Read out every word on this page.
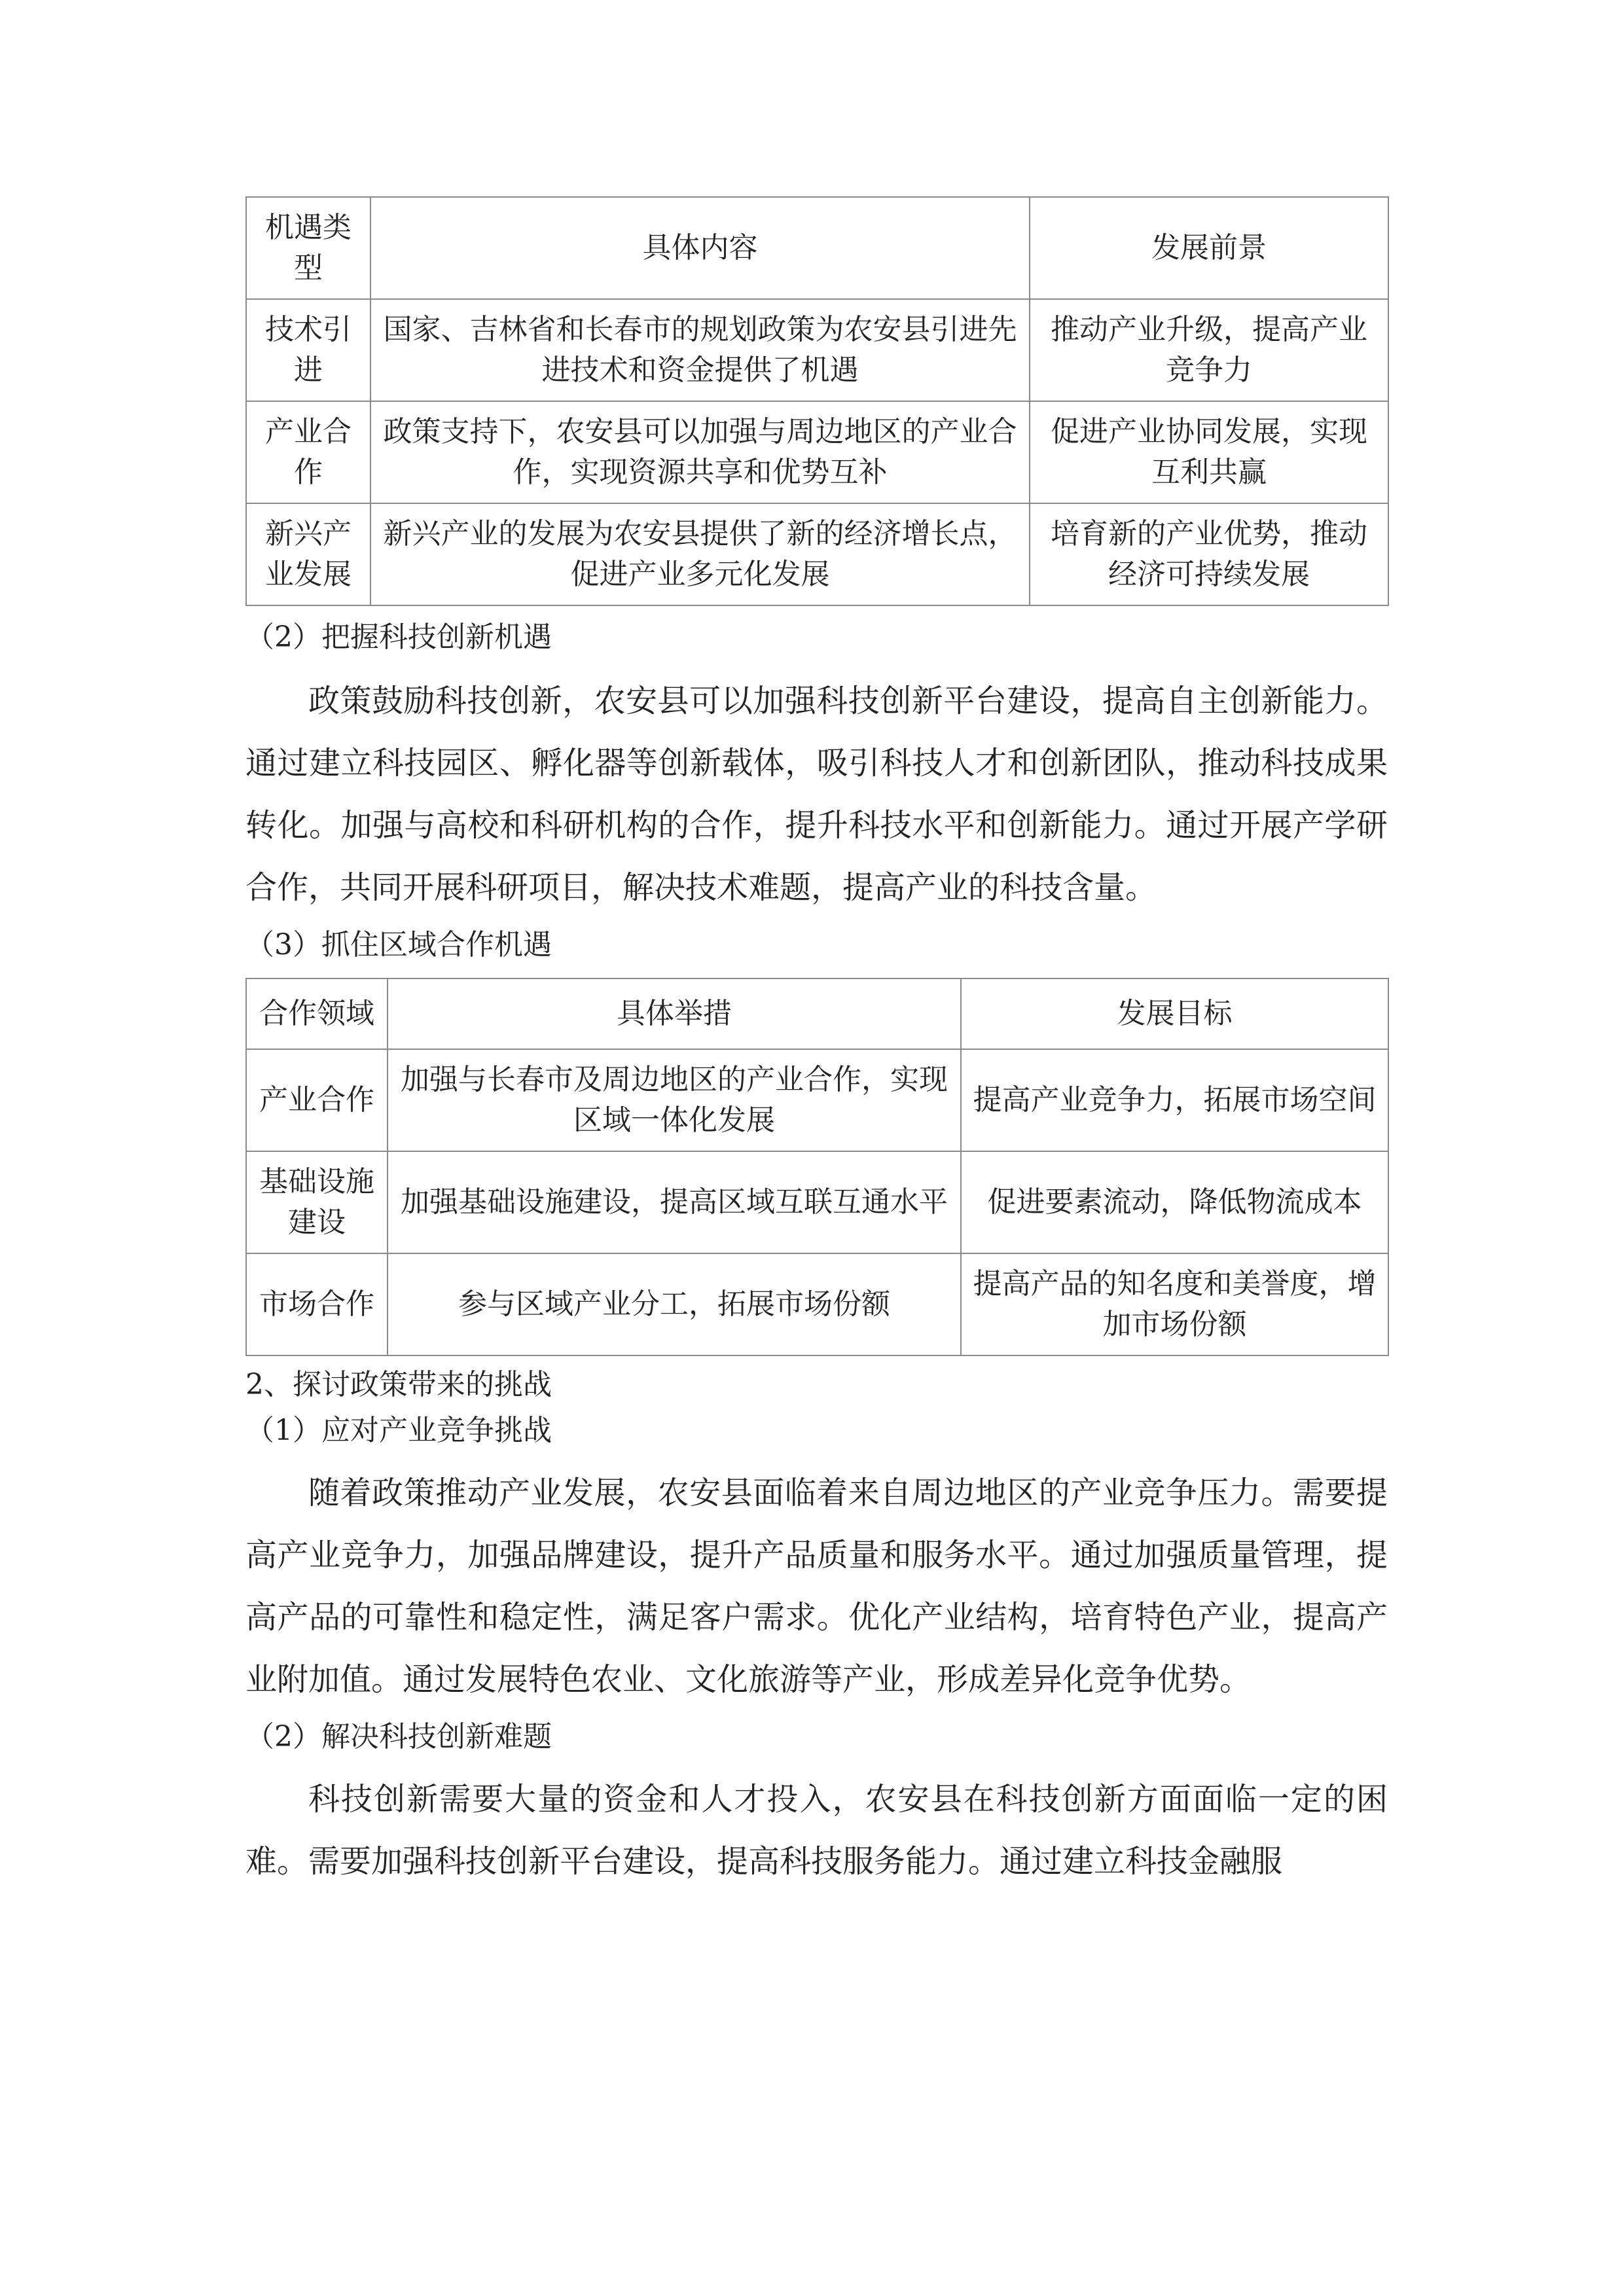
机遇类型	具体内容	发展前景
技术引进	国家、吉林省和长春市的规划政策为农安县引进先进技术和资金提供了机遇	推动产业升级，提高产业竞争力
产业合作	政策支持下，农安县可以加强与周边地区的产业合作，实现资源共享和优势互补	促进产业协同发展，实现互利共赢
新兴产业发展	新兴产业的发展为农安县提供了新的经济增长点，促进产业多元化发展	培育新的产业优势，推动经济可持续发展

（2）把握科技创新机遇

政策鼓励科技创新，农安县可以加强科技创新平台建设，提高自主创新能力。通过建立科技园区、孵化器等创新载体，吸引科技人才和创新团队，推动科技成果转化。加强与高校和科研机构的合作，提升科技水平和创新能力。通过开展产学研合作，共同开展科研项目，解决技术难题，提高产业的科技含量。

（3）抓住区域合作机遇

合作领域	具体举措	发展目标
产业合作	加强与长春市及周边地区的产业合作，实现区域一体化发展	提高产业竞争力，拓展市场空间
基础设施建设	加强基础设施建设，提高区域互联互通水平	促进要素流动，降低物流成本
市场合作	参与区域产业分工，拓展市场份额	提高产品的知名度和美誉度，增加市场份额

2、探讨政策带来的挑战

（1）应对产业竞争挑战

随着政策推动产业发展，农安县面临着来自周边地区的产业竞争压力。需要提高产业竞争力，加强品牌建设，提升产品质量和服务水平。通过加强质量管理，提高产品的可靠性和稳定性，满足客户需求。优化产业结构，培育特色产业，提高产业附加值。通过发展特色农业、文化旅游等产业，形成差异化竞争优势。

（2）解决科技创新难题

科技创新需要大量的资金和人才投入，农安县在科技创新方面面临一定的困难。需要加强科技创新平台建设，提高科技服务能力。通过建立科技金融服
